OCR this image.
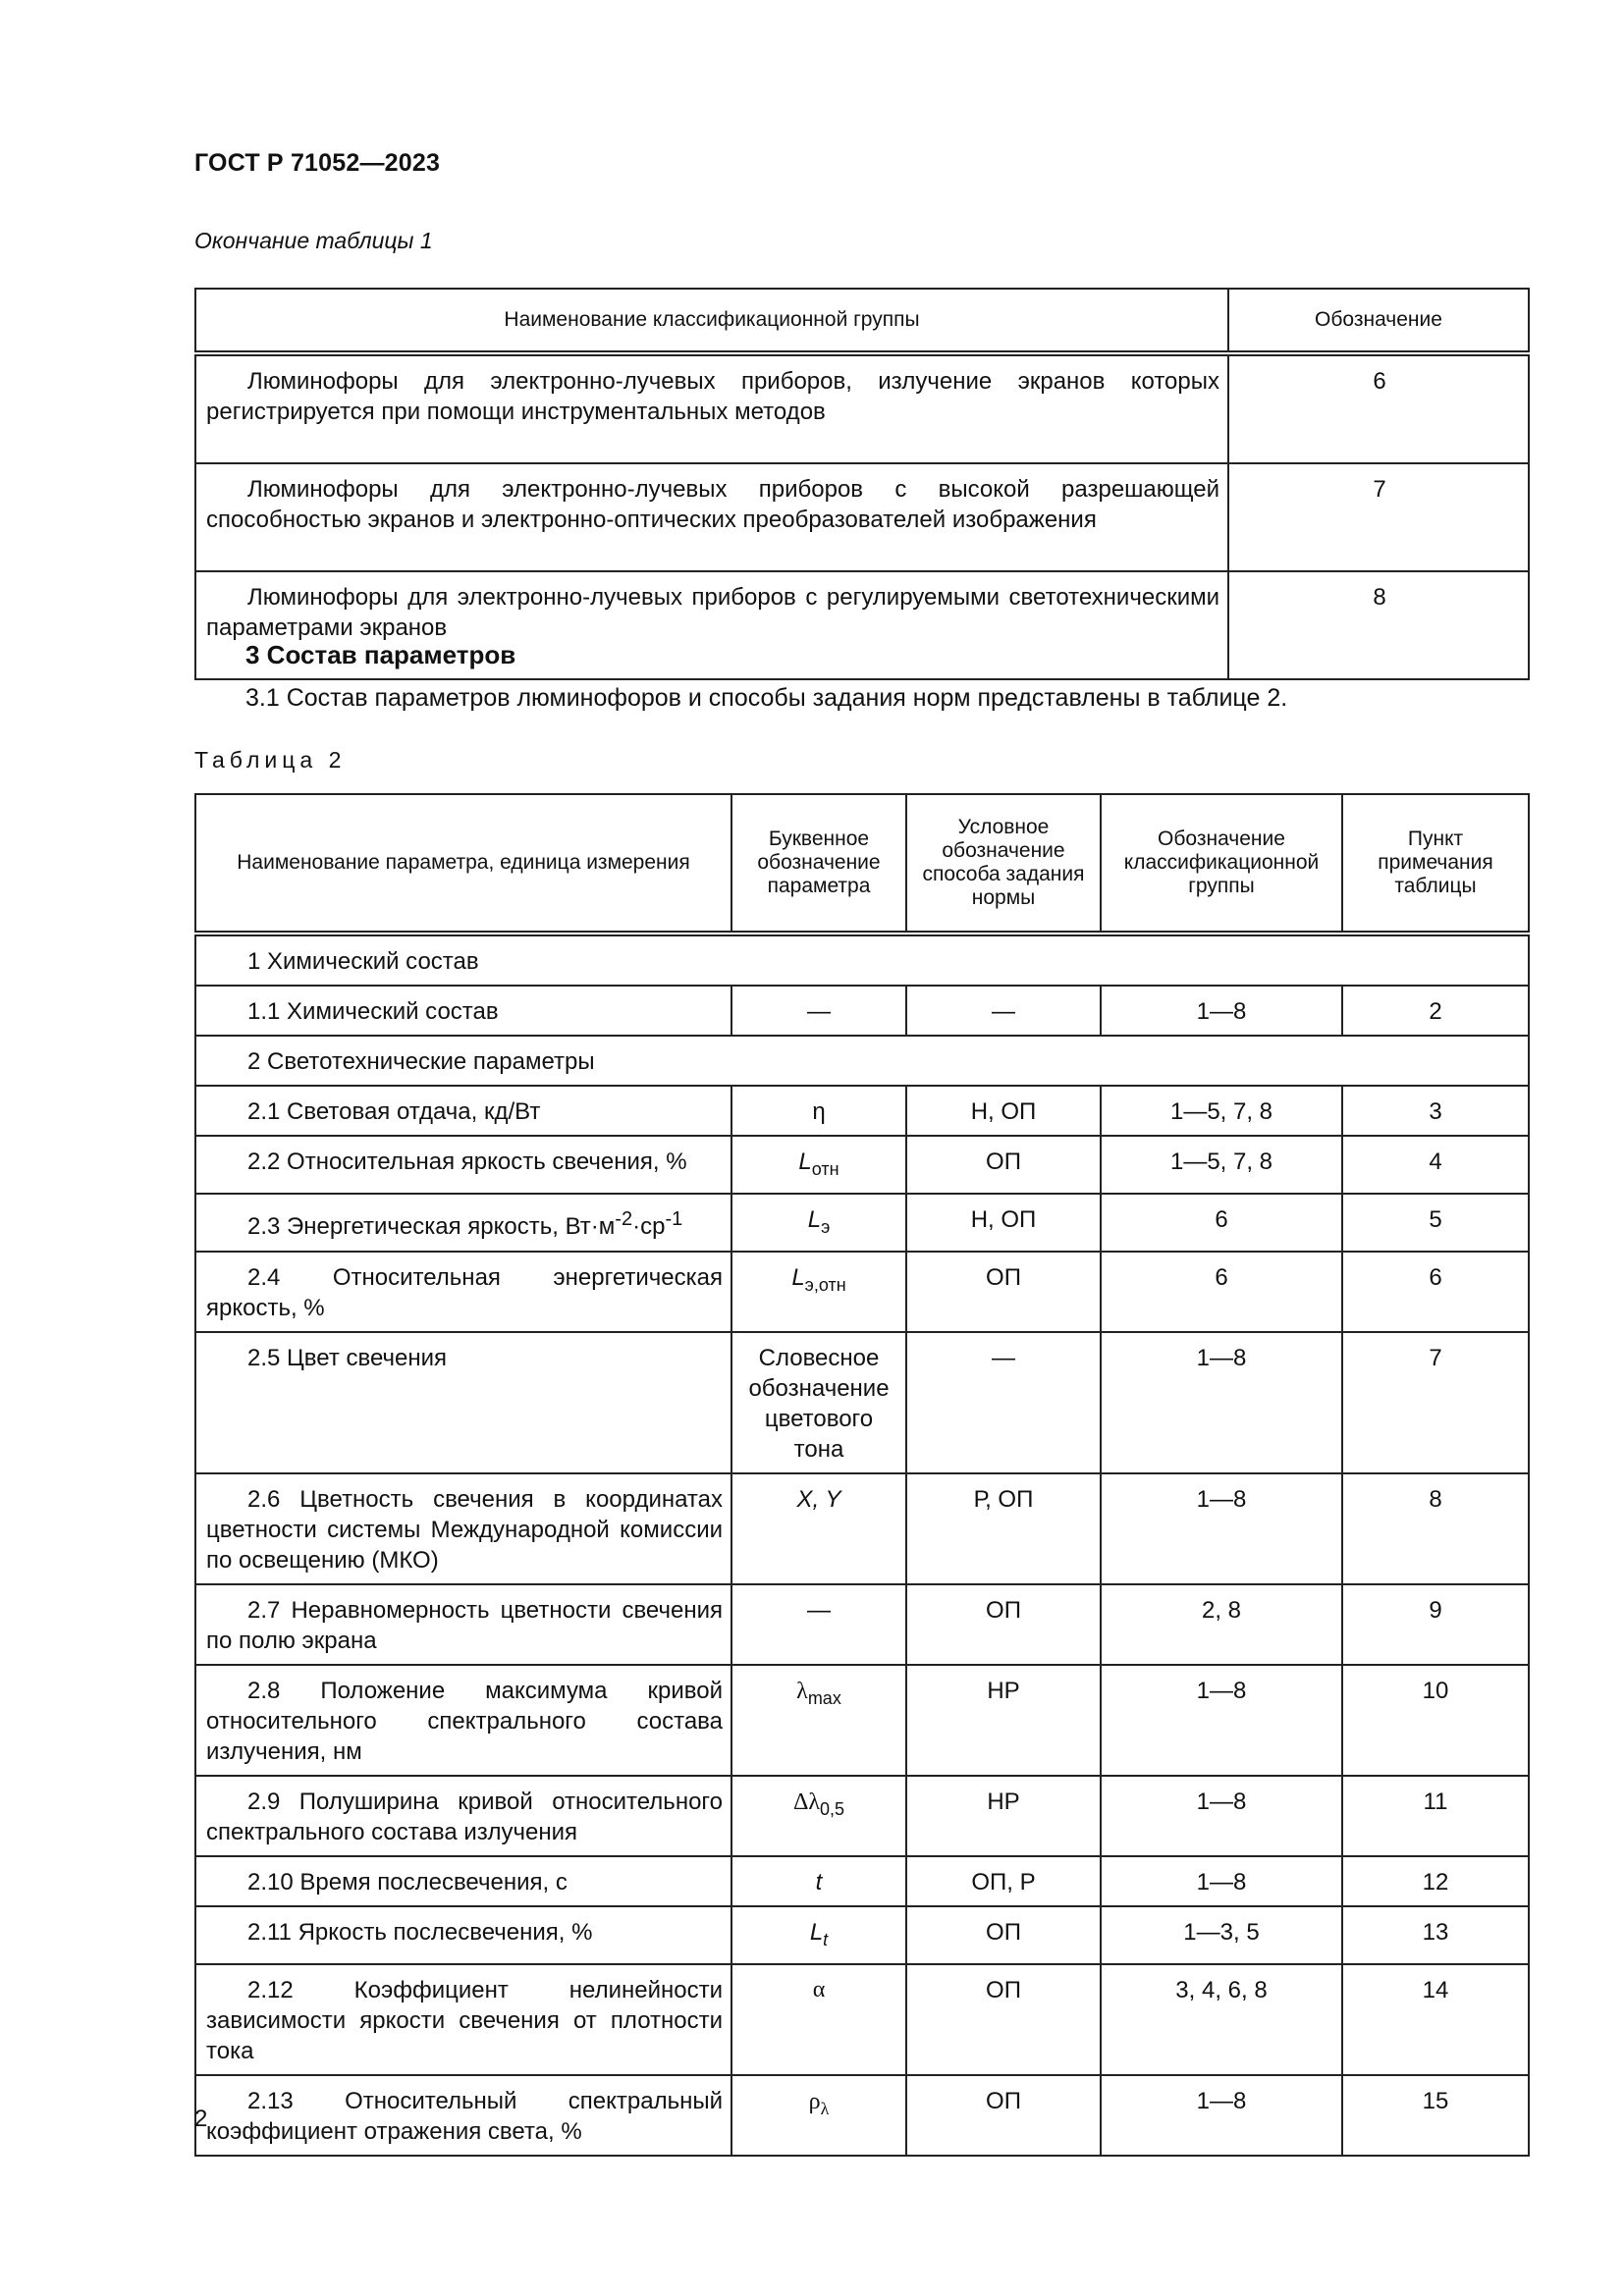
ГОСТ Р 71052—2023
Окончание таблицы 1
Наименование классификационной группы	Обозначение
Люминофоры для электронно-лучевых приборов, излучение экранов которых регистрируется при помощи инструментальных методов	6
Люминофоры для электронно-лучевых приборов с высокой разрешающей способностью экранов и электронно-оптических преобразователей изображения	7
Люминофоры для электронно-лучевых приборов с регулируемыми светотехническими параметрами экранов	8
3 Состав параметров
3.1 Состав параметров люминофоров и способы задания норм представлены в таблице 2.
Таблица 2
Наименование параметра, единица измерения	Буквенное обозначение параметра	Условное обозначение способа задания нормы	Обозначение классификационной группы	Пункт примечания таблицы
1 Химический состав				
1.1 Химический состав	—	—	1—8	2
2 Светотехнические параметры				
2.1 Световая отдача, кд/Вт	η	Н, ОП	1—5, 7, 8	3
2.2 Относительная яркость свечения, %	$L_{отн}$	ОП	1—5, 7, 8	4
2.3 Энергетическая яркость, $Вт\cdot м^{-2}\cdot ср^{-1}$	$L_э$	Н, ОП	6	5
2.4 Относительная энергетическая яркость, %	$L_{э,отн}$	ОП	6	6
2.5 Цвет свечения	Словесное обозначение цветового тона	—	1—8	7
2.6 Цветность свечения в координатах цветности системы Международной комиссии по освещению (МКО)	X, Y	Р, ОП	1—8	8
2.7 Неравномерность цветности свечения по полю экрана	—	ОП	2, 8	9
2.8 Положение максимума кривой относительного спектрального состава излучения, нм	$\lambda_{max}$	НР	1—8	10
2.9 Полуширина кривой относительного спектрального состава излучения	$\Delta\lambda_{0,5}$	НР	1—8	11
2.10 Время послесвечения, с	t	ОП, Р	1—8	12
2.11 Яркость послесвечения, %	$L_t$	ОП	1—3, 5	13
2.12 Коэффициент нелинейности зависимости яркости свечения от плотности тока	α	ОП	3, 4, 6, 8	14
2.13 Относительный спектральный коэффициент отражения света, %	$\rho_\lambda$	ОП	1—8	15
2
